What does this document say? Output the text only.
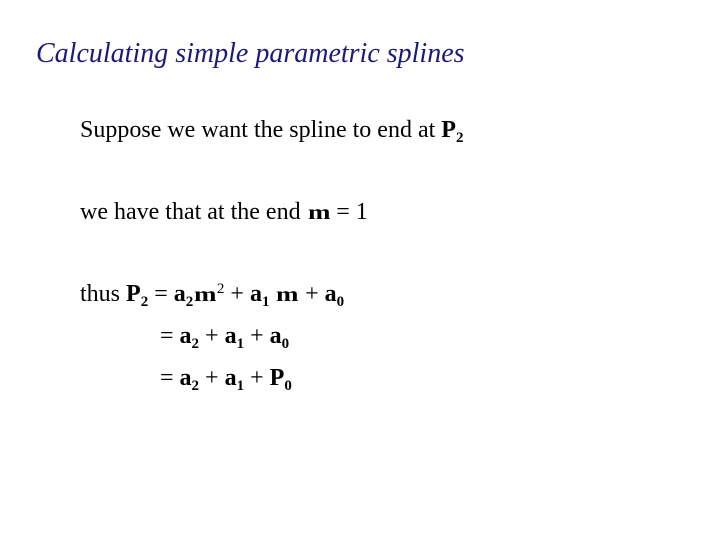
Calculating simple parametric splines
Suppose we want the spline to end at $P_2$
we have that at the end m = 1
thus $P_2 = a_2m^2 + a_1$ $m + a_0$
= $a_2 + a_1 + a_0$
= $a_2 + a_1 + P_0$
